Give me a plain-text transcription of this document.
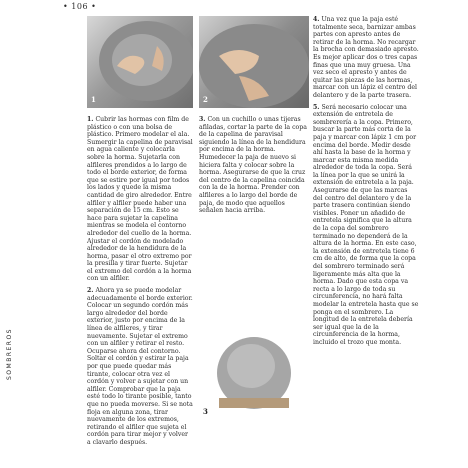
• 106 •
1	2
3

1. Cubrir las hormas con film de plástico o con una bolsa de plástico. Primero modelar el ala. Sumergir la capelina de paravisal en agua caliente y colocarla sobre la horma. Sujetarla con alfileres prendidos a lo largo de todo el borde exterior, de forma que se estire por igual por todos los lados y quede la misma cantidad de giro alrededor. Entre alfiler y alfiler puede haber una separación de 15 cm. Esto se hace para sujetar la capelina mientras se modela el contorno alrededor del cuello de la horma. Ajustar el cordón de modelado alrededor de la hendidura de la horma, pasar el otro extremo por la presilla y tirar fuerte. Sujetar el extremo del cordón a la horma con un alfiler.

2. Ahora ya se puede modelar adecuadamente el borde exterior. Colocar un segundo cordón más largo alrededor del borde exterior, justo por encima de la línea de alfileres, y tirar nuevamente. Sujetar el extremo con un alfiler y retirar el resto. Ocuparse ahora del contorno. Soltar el cordón y estirar la paja por que puede quedar más tirante, colocar otra vez el cordón y volver a sujetar con un alfiler. Comprobar que la paja esté todo lo tirante posible, tanto que no pueda moverse. Si se nota floja en alguna zona, tirar nuevamente de los extremos, retirando el alfiler que sujeta el cordón para tirar mejor y volver a clavarlo después.

3. Con un cuchillo o unas tijeras afiladas, cortar la parte de la copa de la capelina de paravisal siguiendo la línea de la hendidura por encima de la horma. Humedecer la paja de nuevo si hiciera falta y colocar sobre la horma. Asegurarse de que la cruz del centro de la capelina coincida con la de la horma. Prender con alfileres a lo largo del borde de paja, de modo que aquellos señalen hacia arriba.

4. Una vez que la paja esté totalmente seca, barnizar ambas partes con apresto antes de retirar de la horma. No recargar la brocha con demasiado apresto. Es mejor aplicar dos o tres capas finas que una muy gruesa. Una vez seco el apresto y antes de quitar las piezas de las hormas, marcar con un lápiz el centro del delantero y de la parte trasera.

5. Será necesario colocar una extensión de entretela de sombrerería a la copa. Primero, buscar la parte más corta de la paja y marcar con lápiz 1 cm por encima del borde. Medir desde ahí hasta la base de la horma y marcar esta misma medida alrededor de toda la copa. Será la línea por la que se unirá la extensión de entretela a la paja. Asegurarse de que las marcas del centro del delantero y de la parte trasera continúan siendo visibles. Poner un añadido de entretela significa que la altura de la copa del sombrero terminado no dependerá de la altura de la horma. En este caso, la extensión de entretela tiene 6 cm de alto, de forma que la copa del sombrero terminado será ligeramente más alta que la horma. Dado que esta copa va recta a lo largo de toda su circunferencia, no hará falta modelar la entretela hasta que se ponga en el sombrero. La longitud de la entretela debería ser igual que la de la circunferencia de la horma, incluido el trozo que monta.

SOMBREROS
